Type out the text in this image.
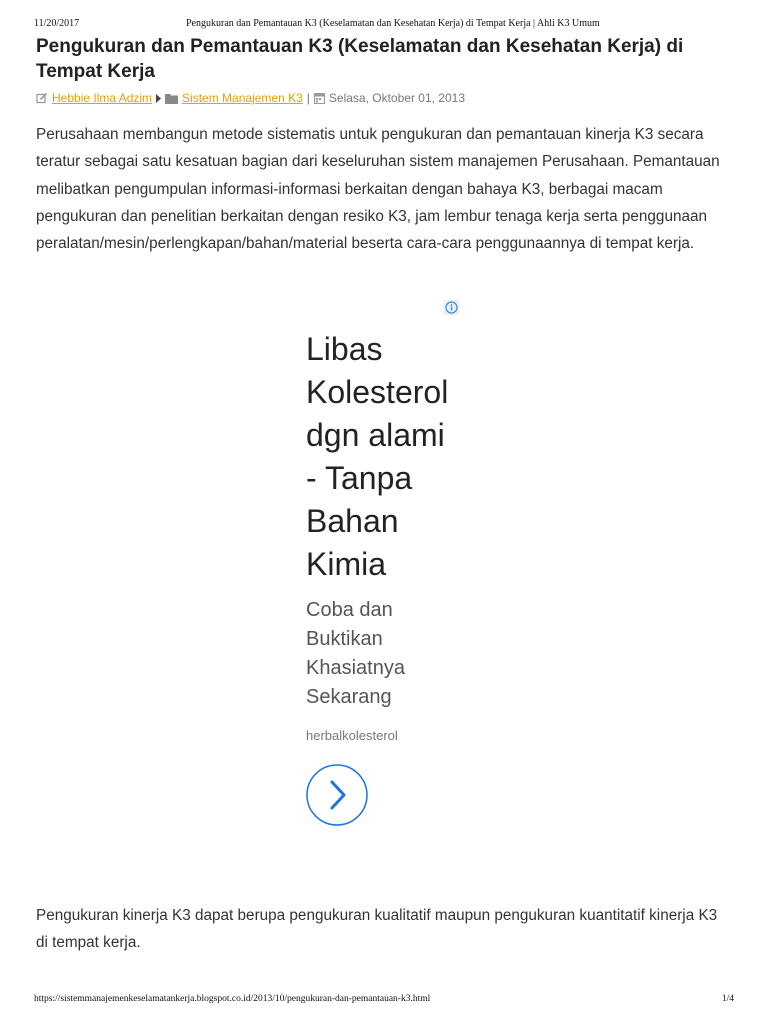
11/20/2017	Pengukuran dan Pemantauan K3 (Keselamatan dan Kesehatan Kerja) di Tempat Kerja | Ahli K3 Umum
Pengukuran dan Pemantauan K3 (Keselamatan dan Kesehatan Kerja) di Tempat Kerja
Hebbie Ilma Adzim	Sistem Manajemen K3 | Selasa, Oktober 01, 2013

Perusahaan membangun metode sistematis untuk pengukuran dan pemantauan kinerja K3 secara teratur sebagai satu kesatuan bagian dari keseluruhan sistem manajemen Perusahaan. Pemantauan melibatkan pengumpulan informasi-informasi berkaitan dengan bahaya K3, berbagai macam pengukuran dan penelitian berkaitan dengan resiko K3, jam lembur tenaga kerja serta penggunaan peralatan/mesin/perlengkapan/bahan/material beserta cara-cara penggunaannya di tempat kerja.

Libas
Kolesterol
dgn alami
- Tanpa
Bahan
Kimia
Coba dan
Buktikan
Khasiatnya
Sekarang
herbalkolesterol

Pengukuran kinerja K3 dapat berupa pengukuran kualitatif maupun pengukuran kuantitatif kinerja K3 di tempat kerja.

https://sistemmanajemenkeselamatankerja.blogspot.co.id/2013/10/pengukuran-dan-pemantauan-k3.html	1/4
